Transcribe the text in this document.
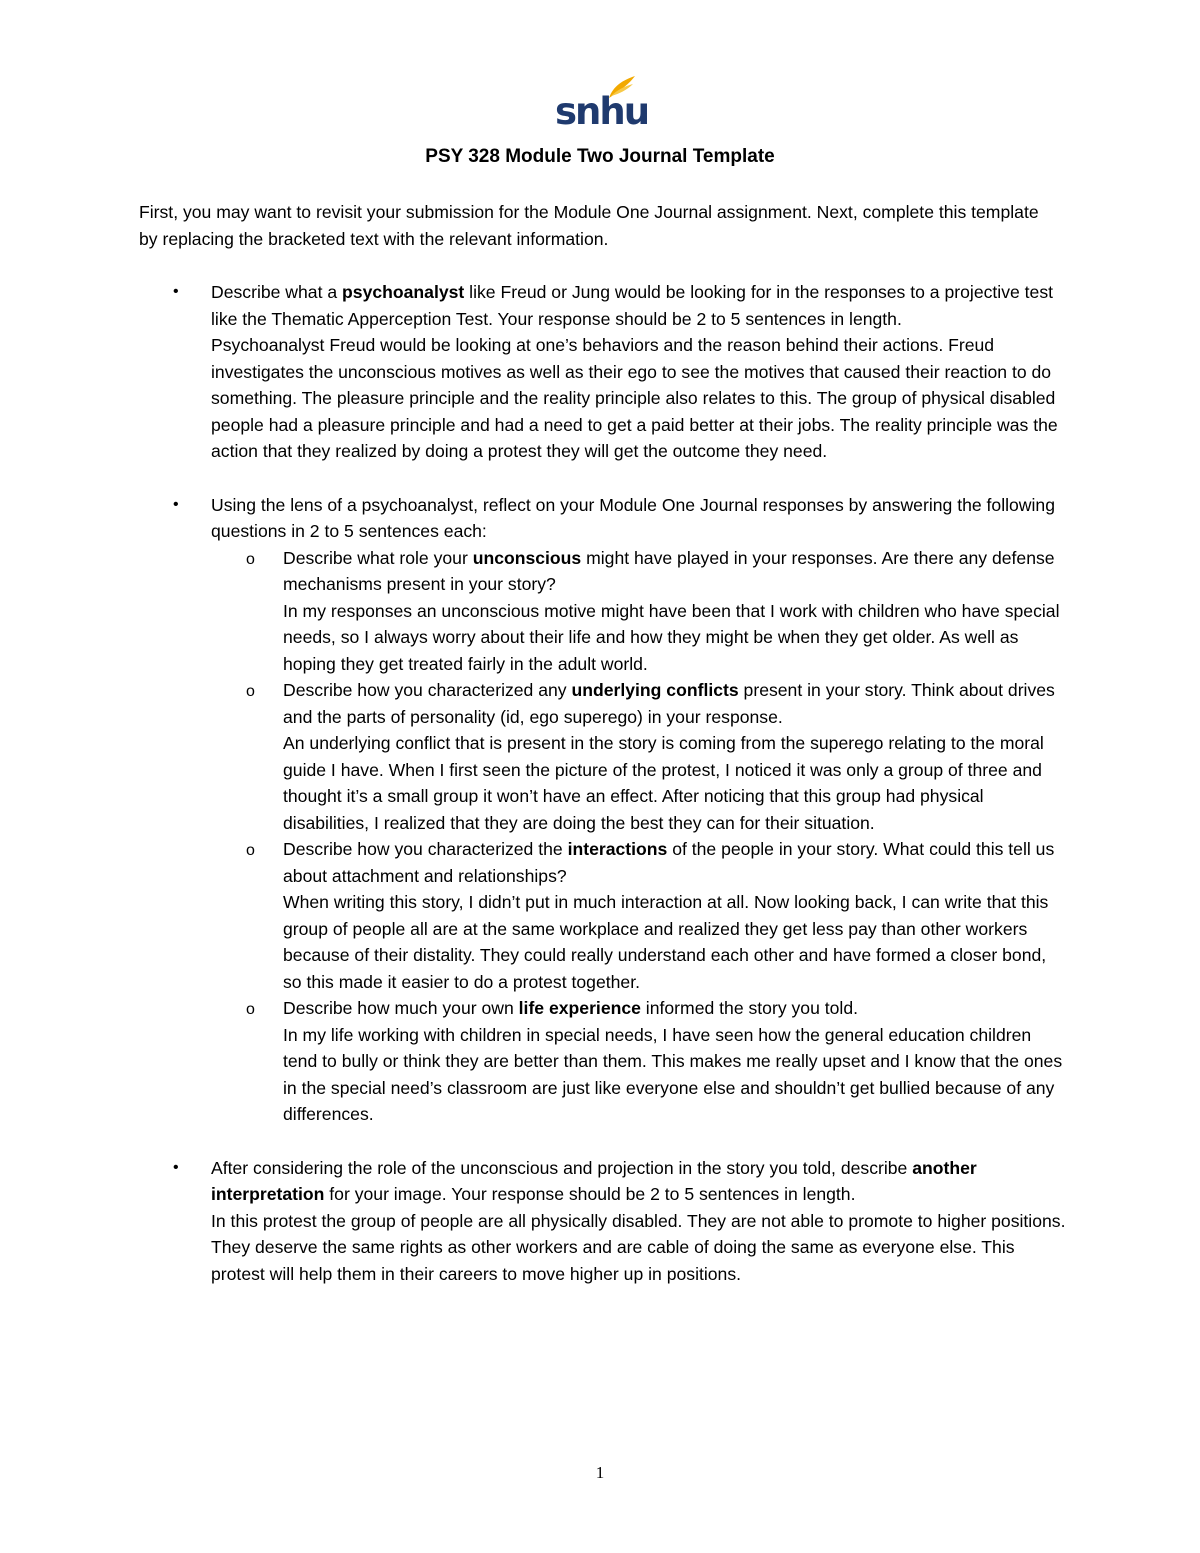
snhu
PSY 328 Module Two Journal Template

First, you may want to revisit your submission for the Module One Journal assignment. Next, complete this template by replacing the bracketed text with the relevant information.

• Describe what a psychoanalyst like Freud or Jung would be looking for in the responses to a projective test like the Thematic Apperception Test. Your response should be 2 to 5 sentences in length.

Psychoanalyst Freud would be looking at one’s behaviors and the reason behind their actions. Freud investigates the unconscious motives as well as their ego to see the motives that caused their reaction to do something. The pleasure principle and the reality principle also relates to this. The group of physical disabled people had a pleasure principle and had a need to get a paid better at their jobs. The reality principle was the action that they realized by doing a protest they will get the outcome they need.

• Using the lens of a psychoanalyst, reflect on your Module One Journal responses by answering the following questions in 2 to 5 sentences each:

o Describe what role your unconscious might have played in your responses. Are there any defense mechanisms present in your story?

In my responses an unconscious motive might have been that I work with children who have special needs, so I always worry about their life and how they might be when they get older. As well as hoping they get treated fairly in the adult world.

o Describe how you characterized any underlying conflicts present in your story. Think about drives and the parts of personality (id, ego superego) in your response.

An underlying conflict that is present in the story is coming from the superego relating to the moral guide I have. When I first seen the picture of the protest, I noticed it was only a group of three and thought it’s a small group it won’t have an effect. After noticing that this group had physical disabilities, I realized that they are doing the best they can for their situation.

o Describe how you characterized the interactions of the people in your story. What could this tell us about attachment and relationships?

When writing this story, I didn’t put in much interaction at all. Now looking back, I can write that this group of people all are at the same workplace and realized they get less pay than other workers because of their distality. They could really understand each other and have formed a closer bond, so this made it easier to do a protest together.

o Describe how much your own life experience informed the story you told.

In my life working with children in special needs, I have seen how the general education children tend to bully or think they are better than them. This makes me really upset and I know that the ones in the special need’s classroom are just like everyone else and shouldn’t get bullied because of any differences.

• After considering the role of the unconscious and projection in the story you told, describe another interpretation for your image. Your response should be 2 to 5 sentences in length.

In this protest the group of people are all physically disabled. They are not able to promote to higher positions. They deserve the same rights as other workers and are cable of doing the same as everyone else. This protest will help them in their careers to move higher up in positions.

1
